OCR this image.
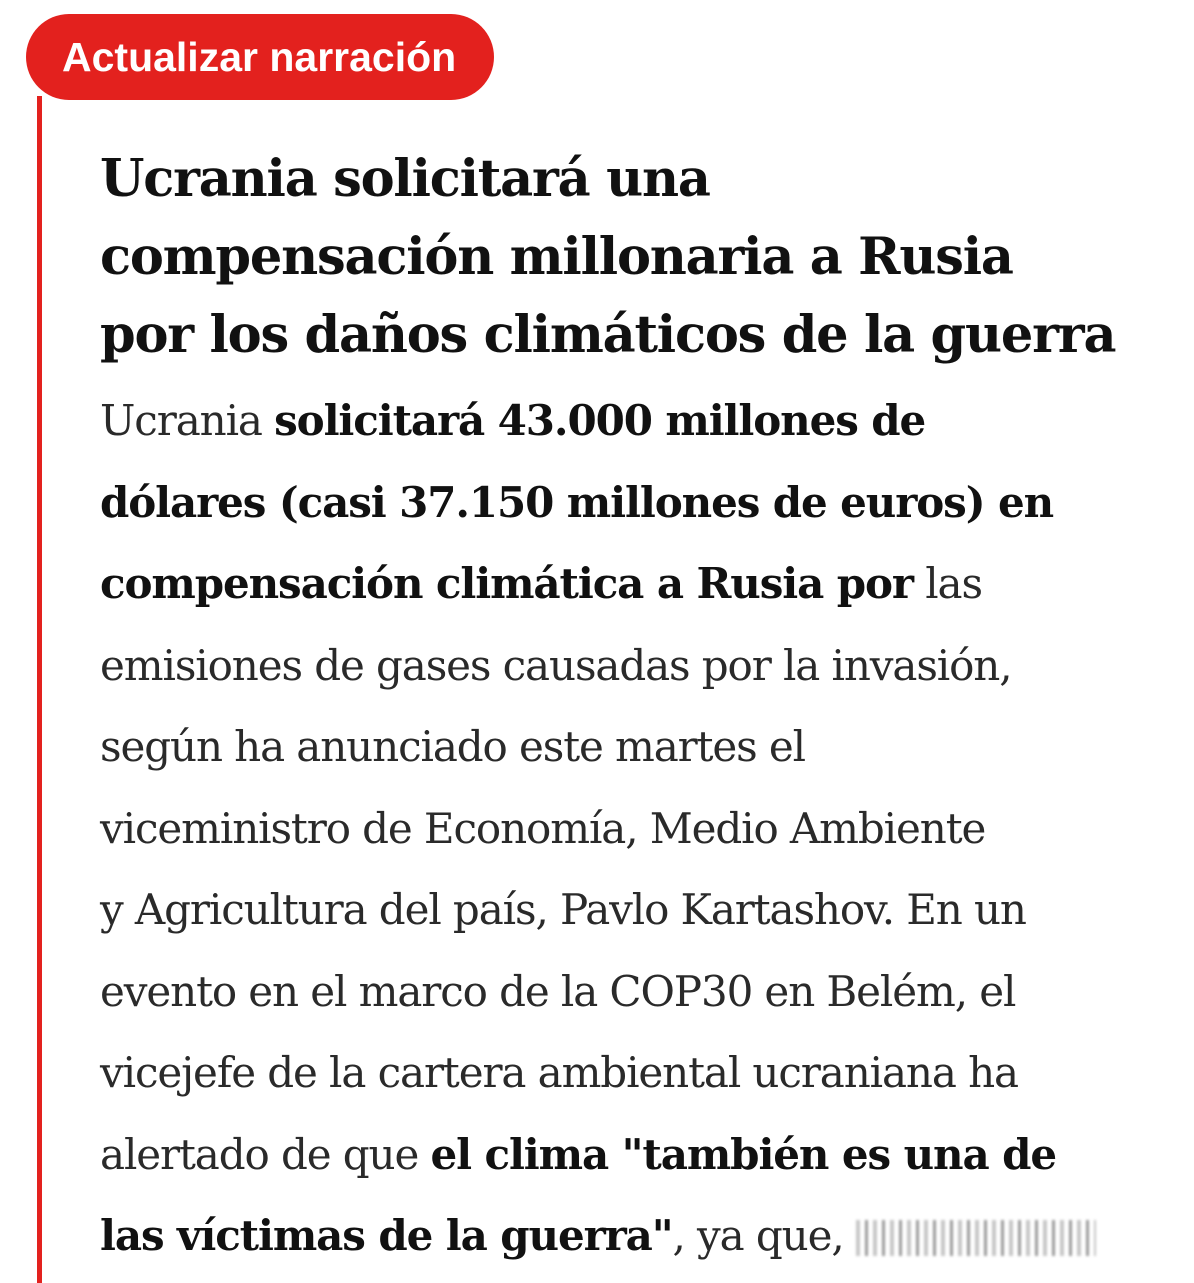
Actualizar narración
Ucrania solicitará una
compensación millonaria a Rusia
por los daños climáticos de la guerra
Ucrania solicitará 43.000 millones de
dólares (casi 37.150 millones de euros) en
compensación climática a Rusia por las
emisiones de gases causadas por la invasión,
según ha anunciado este martes el
viceministro de Economía, Medio Ambiente
y Agricultura del país, Pavlo Kartashov. En un
evento en el marco de la COP30 en Belém, el
vicejefe de la cartera ambiental ucraniana ha
alertado de que el clima "también es una de
las víctimas de la guerra", ya que,
